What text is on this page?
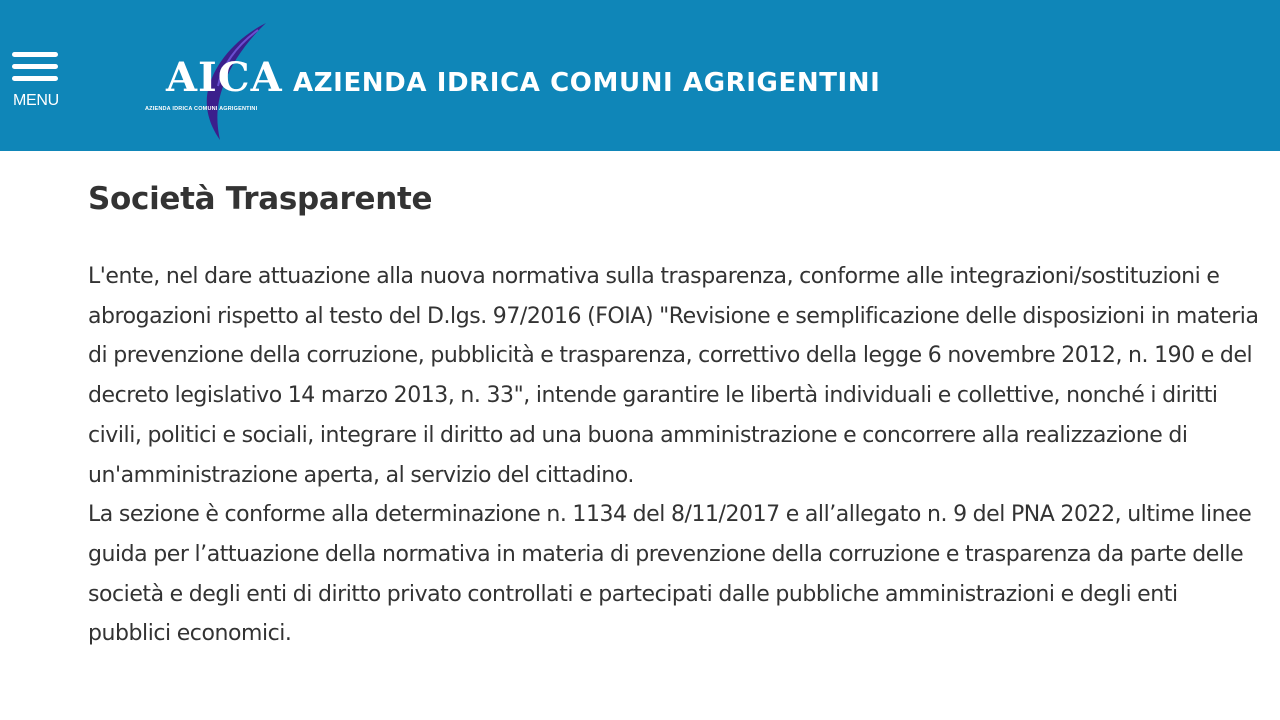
MENU	AICA
AZIENDA IDRICA COMUNI AGRIGENTINI
AZIENDA IDRICA COMUNI AGRIGENTINI
Società Trasparente

L'ente, nel dare attuazione alla nuova normativa sulla trasparenza, conforme alle integrazioni/sostituzioni e abrogazioni rispetto al testo del D.lgs. 97/2016 (FOIA) "Revisione e semplificazione delle disposizioni in materia di prevenzione della corruzione, pubblicità e trasparenza, correttivo della legge 6 novembre 2012, n. 190 e del decreto legislativo 14 marzo 2013, n. 33", intende garantire le libertà individuali e collettive, nonché i diritti civili, politici e sociali, integrare il diritto ad una buona amministrazione e concorrere alla realizzazione di un'amministrazione aperta, al servizio del cittadino.

La sezione è conforme alla determinazione n. 1134 del 8/11/2017 e all’allegato n. 9 del PNA 2022, ultime linee guida per l’attuazione della normativa in materia di prevenzione della corruzione e trasparenza da parte delle società e degli enti di diritto privato controllati e partecipati dalle pubbliche amministrazioni e degli enti pubblici economici.
